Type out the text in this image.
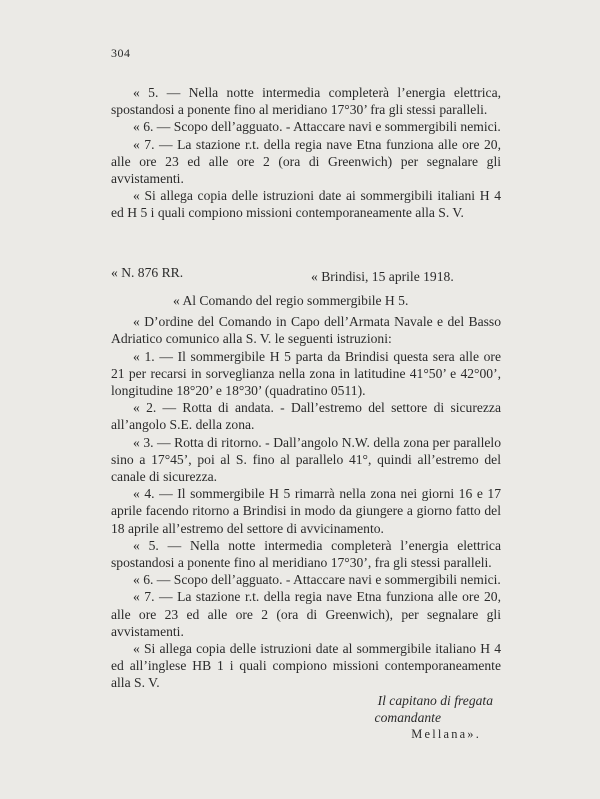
304

« 5. — Nella notte intermedia completerà l’energia elettrica, spostandosi a ponente fino al meridiano 17°30’ fra gli stessi paralleli.

« 6. — Scopo dell’agguato. - Attaccare navi e sommergibili nemici.

« 7. — La stazione r.t. della regia nave Etna funziona alle ore 20, alle ore 23 ed alle ore 2 (ora di Greenwich) per segnalare gli avvistamenti.

« Si allega copia delle istruzioni date ai sommergibili italiani H 4 ed H 5 i quali compiono missioni contemporaneamente alla S. V.

« N. 876 RR.	« Brindisi, 15 aprile 1918.

« Al Comando del regio sommergibile H 5.

« D’ordine del Comando in Capo dell’Armata Navale e del Basso Adriatico comunico alla S. V. le seguenti istruzioni:

« 1. — Il sommergibile H 5 parta da Brindisi questa sera alle ore 21 per recarsi in sorveglianza nella zona in latitudine 41°50’ e 42°00’, longitudine 18°20’ e 18°30’ (quadratino 0511).

« 2. — Rotta di andata. - Dall’estremo del settore di sicurezza all’angolo S.E. della zona.

« 3. — Rotta di ritorno. - Dall’angolo N.W. della zona per parallelo sino a 17°45’, poi al S. fino al parallelo 41°, quindi all’estremo del canale di sicurezza.

« 4. — Il sommergibile H 5 rimarrà nella zona nei giorni 16 e 17 aprile facendo ritorno a Brindisi in modo da giungere a giorno fatto del 18 aprile all’estremo del settore di avvicinamento.

« 5. — Nella notte intermedia completerà l’energia elettrica spostandosi a ponente fino al meridiano 17°30’, fra gli stessi paralleli.

« 6. — Scopo dell’agguato. - Attaccare navi e sommergibili nemici.

« 7. — La stazione r.t. della regia nave Etna funziona alle ore 20, alle ore 23 ed alle ore 2 (ora di Greenwich), per segnalare gli avvistamenti.

« Si allega copia delle istruzioni date al sommergibile italiano H 4 ed all’inglese HB 1 i quali compiono missioni contemporaneamente alla S. V.

Il capitano di fregata

comandante

Mellana».
